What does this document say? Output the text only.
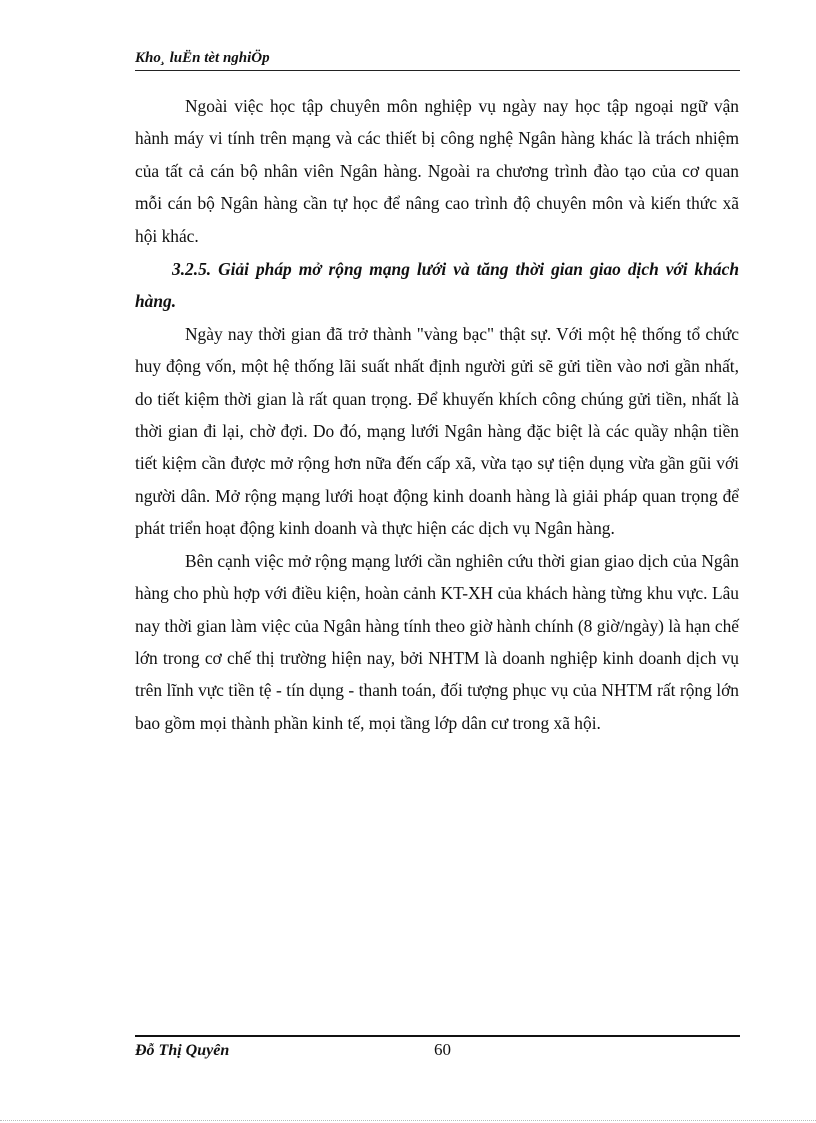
Kho¸ luËn tèt nghiÖp

Ngoài việc học tập chuyên môn nghiệp vụ ngày nay học tập ngoại ngữ vận hành máy vi tính trên mạng và các thiết bị công nghệ Ngân hàng khác là trách nhiệm của tất cả cán bộ nhân viên Ngân hàng. Ngoài ra chương trình đào tạo của cơ quan mỗi cán bộ Ngân hàng cần tự học để nâng cao trình độ chuyên môn và kiến thức xã hội khác.

3.2.5. Giải pháp mở rộng mạng lưới và tăng thời gian giao dịch với khách hàng.

Ngày nay thời gian đã trở thành "vàng bạc" thật sự. Với một hệ thống tổ chức huy động vốn, một hệ thống lãi suất nhất định người gửi sẽ gửi tiền vào nơi gần nhất, do tiết kiệm thời gian là rất quan trọng. Để khuyến khích công chúng gửi tiền, nhất là thời gian đi lại, chờ đợi. Do đó, mạng lưới Ngân hàng đặc biệt là các quầy nhận tiền tiết kiệm cần được mở rộng hơn nữa đến cấp xã, vừa tạo sự tiện dụng vừa gần gũi với người dân. Mở rộng mạng lưới hoạt động kinh doanh hàng là giải pháp quan trọng để phát triển hoạt động kinh doanh và thực hiện các dịch vụ Ngân hàng.

Bên cạnh việc mở rộng mạng lưới cần nghiên cứu thời gian giao dịch của Ngân hàng cho phù hợp với điều kiện, hoàn cảnh KT-XH của khách hàng từng khu vực. Lâu nay thời gian làm việc của Ngân hàng tính theo giờ hành chính (8 giờ/ngày) là hạn chế lớn trong cơ chế thị trường hiện nay, bởi NHTM là doanh nghiệp kinh doanh dịch vụ trên lĩnh vực tiền tệ - tín dụng - thanh toán, đối tượng phục vụ của NHTM rất rộng lớn bao gồm mọi thành phần kinh tế, mọi tầng lớp dân cư trong xã hội.

Đỗ Thị Quyên	60
